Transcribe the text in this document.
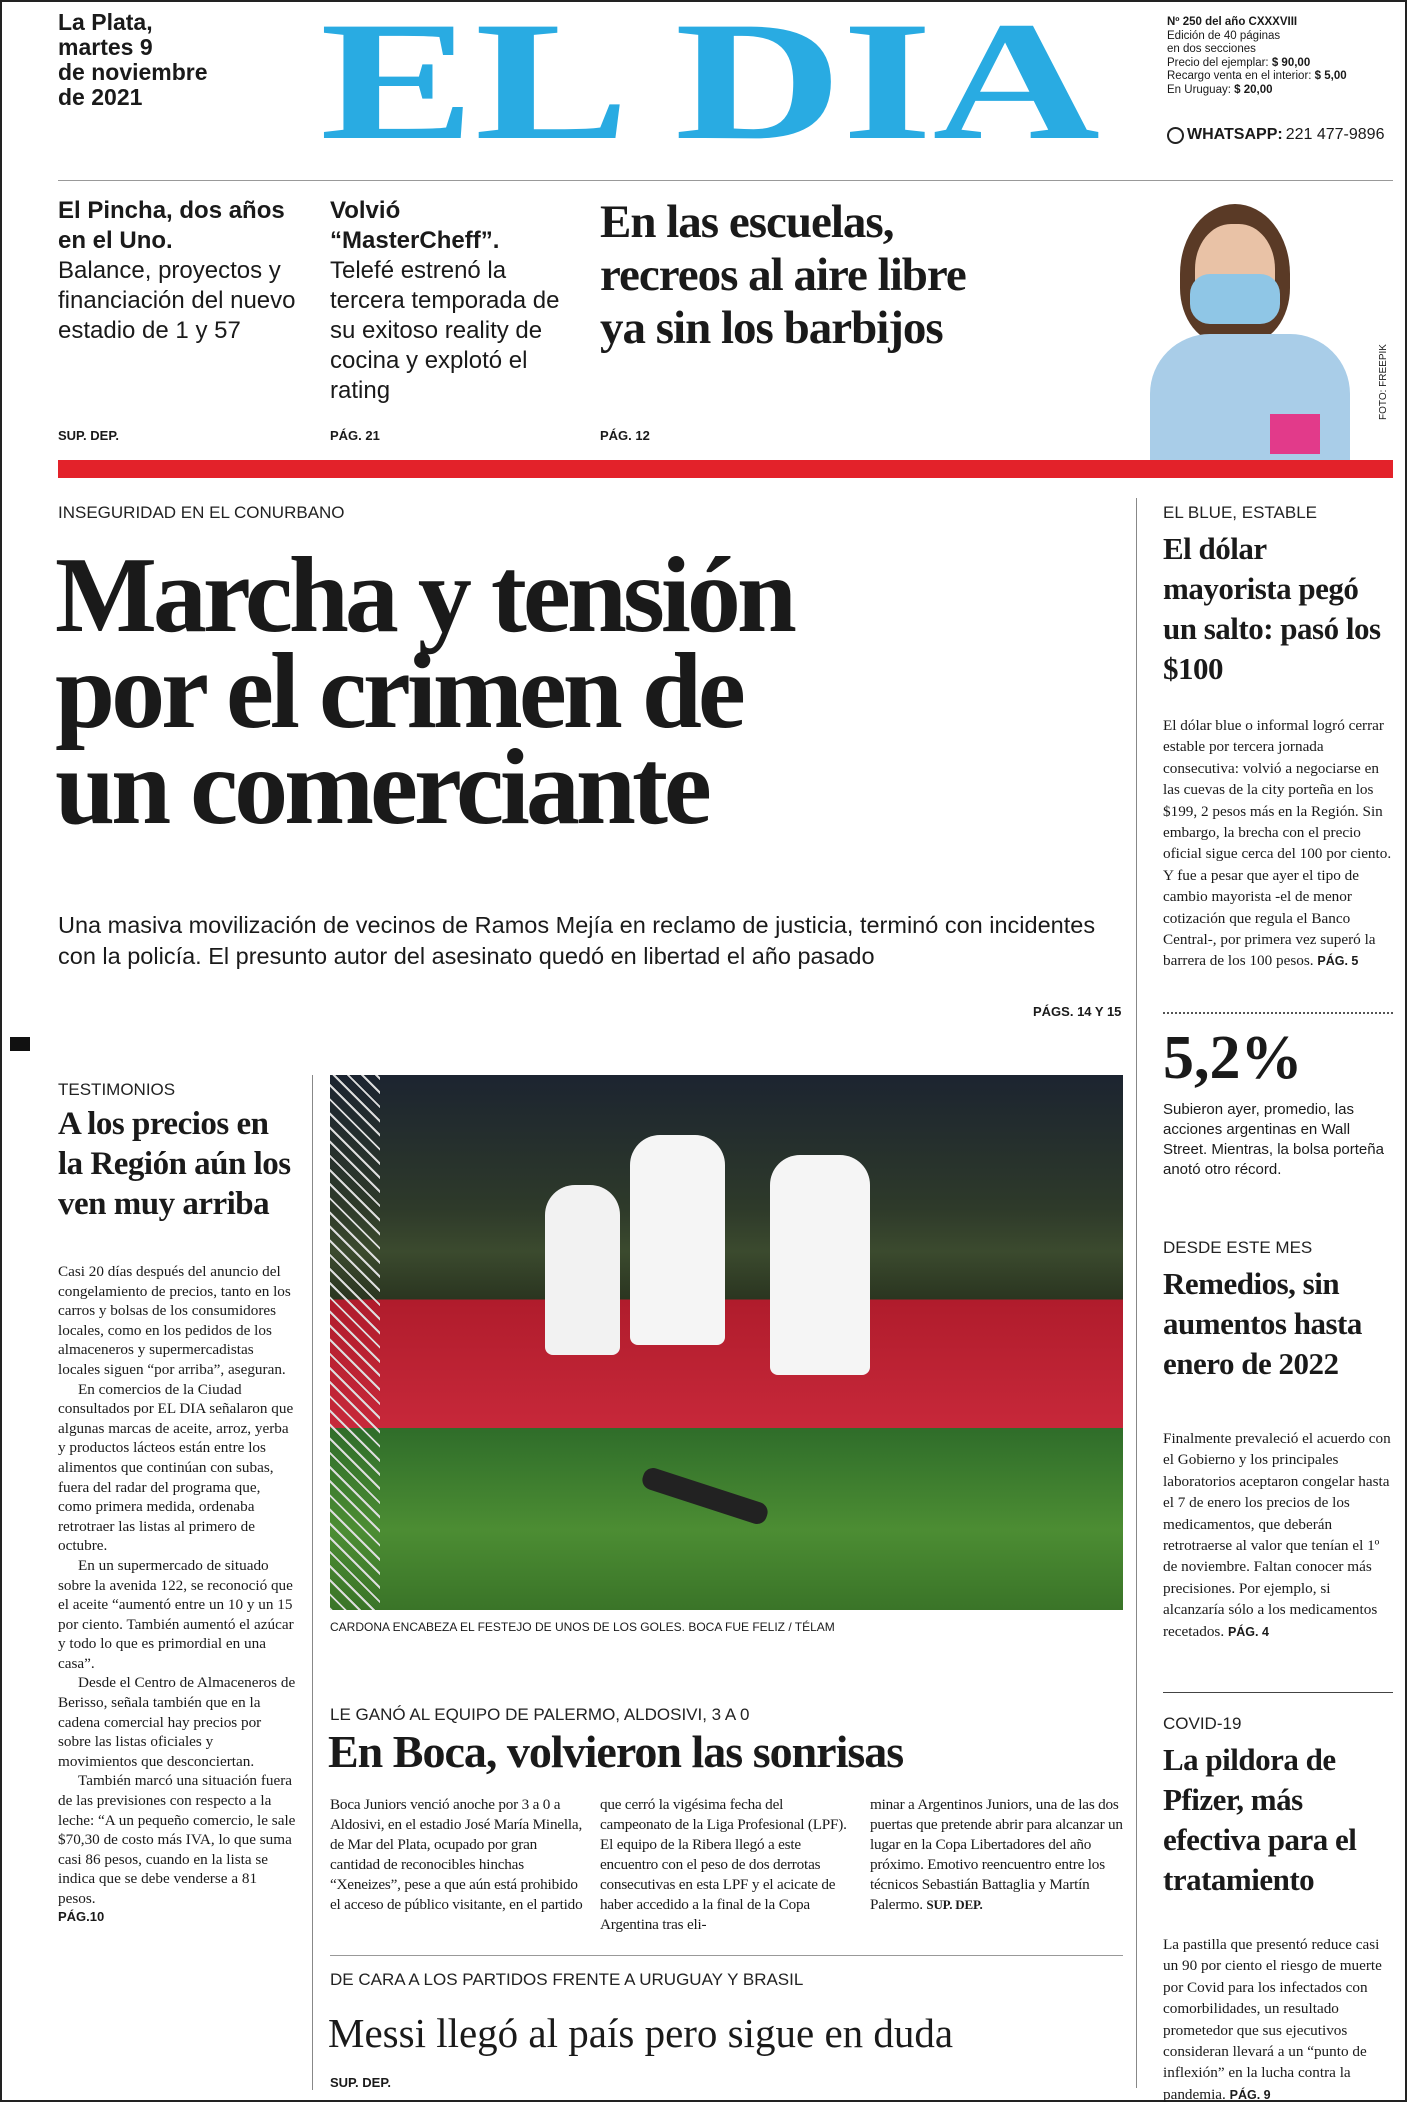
La Plata,
martes 9
de noviembre
de 2021	EL DIA	Nº 250 del año CXXXVIII
Edición de 40 páginas
en dos secciones
Precio del ejemplar: $ 90,00
Recargo venta en el interior: $ 5,00
En Uruguay: $ 20,00
WHATSAPP: 221 477-9896
El Pincha, dos años en el Uno.
Balance, proyectos y financiación del nuevo estadio de 1 y 57
SUP. DEP.
Volvió “MasterCheff”.
Telefé estrenó la tercera temporada de su exitoso reality de cocina y explotó el rating
PÁG. 21
En las escuelas, recreos al aire libre ya sin los barbijos
PÁG. 12
FOTO: FREEPIK
INSEGURIDAD EN EL CONURBANO
Marcha y tensión
por el crimen de
un comerciante
Una masiva movilización de vecinos de Ramos Mejía en reclamo de justicia, terminó con incidentes con la policía. El presunto autor del asesinato quedó en libertad el año pasado
PÁGS. 14 Y 15
EL BLUE, ESTABLE
El dólar mayorista pegó un salto: pasó los $100
El dólar blue o informal logró cerrar estable por tercera jornada consecutiva: volvió a negociarse en las cuevas de la city porteña en los $199, 2 pesos más en la Región. Sin embargo, la brecha con el precio oficial sigue cerca del 100 por ciento. Y fue a pesar que ayer el tipo de cambio mayorista -el de menor cotización que regula el Banco Central-, por primera vez superó la barrera de los 100 pesos. PÁG. 5
5,2%
Subieron ayer, promedio, las acciones argentinas en Wall Street. Mientras, la bolsa porteña anotó otro récord.
DESDE ESTE MES
Remedios, sin aumentos hasta enero de 2022
Finalmente prevaleció el acuerdo con el Gobierno y los principales laboratorios aceptaron congelar hasta el 7 de enero los precios de los medicamentos, que deberán retrotraerse al valor que tenían el 1º de noviembre. Faltan conocer más precisiones. Por ejemplo, si alcanzaría sólo a los medicamentos recetados. PÁG. 4
COVID-19
La pildora de Pfizer, más efectiva para el tratamiento
La pastilla que presentó reduce casi un 90 por ciento el riesgo de muerte por Covid para los infectados con comorbilidades, un resultado prometedor que sus ejecutivos consideran llevará a un “punto de inflexión” en la lucha contra la pandemia. PÁG. 9
TESTIMONIOS
A los precios en la Región aún los ven muy arriba

Casi 20 días después del anuncio del congelamiento de precios, tanto en los carros y bolsas de los consumidores locales, como en los pedidos de los almaceneros y supermercadistas locales siguen “por arriba”, aseguran.

En comercios de la Ciudad consultados por EL DIA señalaron que algunas marcas de aceite, arroz, yerba y productos lácteos están entre los alimentos que continúan con subas, fuera del radar del programa que, como primera medida, ordenaba retrotraer las listas al primero de octubre.

En un supermercado de situado sobre la avenida 122, se reconoció que el aceite “aumentó entre un 10 y un 15 por ciento. También aumentó el azúcar y todo lo que es primordial en una casa”.

Desde el Centro de Almaceneros de Berisso, señala también que en la cadena comercial hay precios por sobre las listas oficiales y movimientos que desconciertan.

También marcó una situación fuera de las previsiones con respecto a la leche: “A un pequeño comercio, le sale $70,30 de costo más IVA, lo que suma casi 86 pesos, cuando en la lista se indica que se debe venderse a 81 pesos.

PÁG.10
CARDONA ENCABEZA EL FESTEJO DE UNOS DE LOS GOLES. BOCA FUE FELIZ / TÉLAM
LE GANÓ AL EQUIPO DE PALERMO, ALDOSIVI, 3 A 0
En Boca, volvieron las sonrisas
Boca Juniors venció anoche por 3 a 0 a Aldosivi, en el estadio José María Minella, de Mar del Plata, ocupado por gran cantidad de reconocibles hinchas “Xeneizes”, pese a que aún está prohibido el acceso de público visitante, en el partido
que cerró la vigésima fecha del campeonato de la Liga Profesional (LPF). El equipo de la Ribera llegó a este encuentro con el peso de dos derrotas consecutivas en esta LPF y el acicate de haber accedido a la final de la Copa Argentina tras eli-
minar a Argentinos Juniors, una de las dos puertas que pretende abrir para alcanzar un lugar en la Copa Libertadores del año próximo. Emotivo reencuentro entre los técnicos Sebastián Battaglia y Martín Palermo. SUP. DEP.
DE CARA A LOS PARTIDOS FRENTE A URUGUAY Y BRASIL
Messi llegó al país pero sigue en duda
SUP. DEP.
